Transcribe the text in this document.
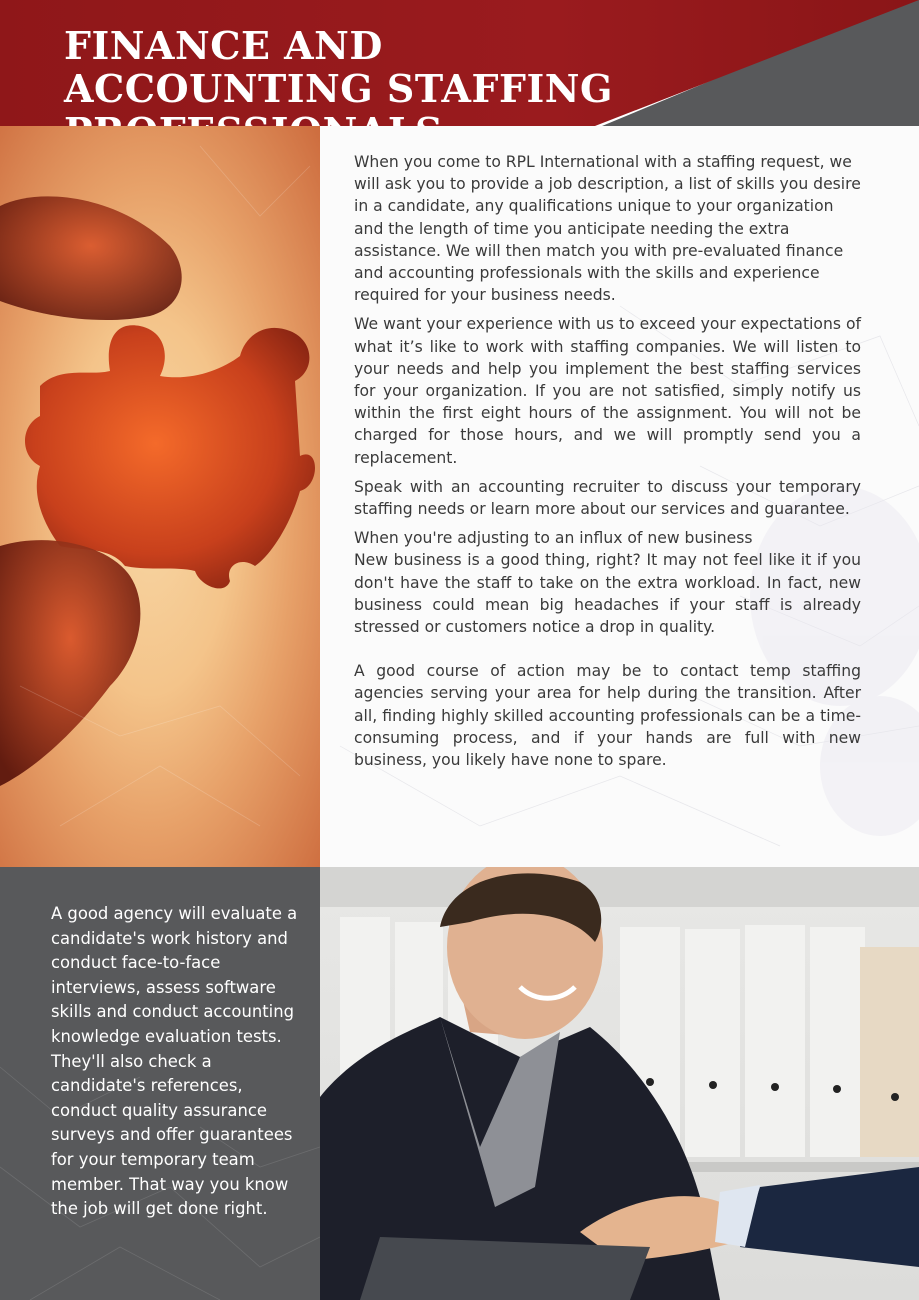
FINANCE AND ACCOUNTING STAFFING

When you come to RPL International with a staffing request, we will ask you to provide a job description, a list of skills you desire in a candidate, any qualifications unique to your organization and the length of time you anticipate needing the extra assistance. We will then match you with pre-evaluated finance and accounting professionals with the skills and experience required for your business needs.

We want your experience with us to exceed your expectations of what it’s like to work with staffing companies. We will listen to your needs and help you implement the best staffing services for your organization. If you are not satisfied, simply notify us within the first eight hours of the assignment. You will not be charged for those hours, and we will promptly send you a replacement.

Speak with an accounting recruiter to discuss your temporary staffing needs or learn more about our services and guarantee.

When you're adjusting to an influx of new business

New business is a good thing, right? It may not feel like it if you don't have the staff to take on the extra workload. In fact, new business could mean big headaches if your staff is already stressed or customers notice a drop in quality.

A good course of action may be to contact temp staffing agencies serving your area for help during the transition. After all, finding highly skilled accounting professionals can be a time-consuming process, and if your hands are full with new business, you likely have none to spare.

A good agency will evaluate a candidate's work history and conduct face-to-face interviews, assess software skills and conduct accounting knowledge evaluation tests. They'll also check a candidate's references, conduct quality assurance surveys and offer guarantees for your temporary team member. That way you know the job will get done right.
